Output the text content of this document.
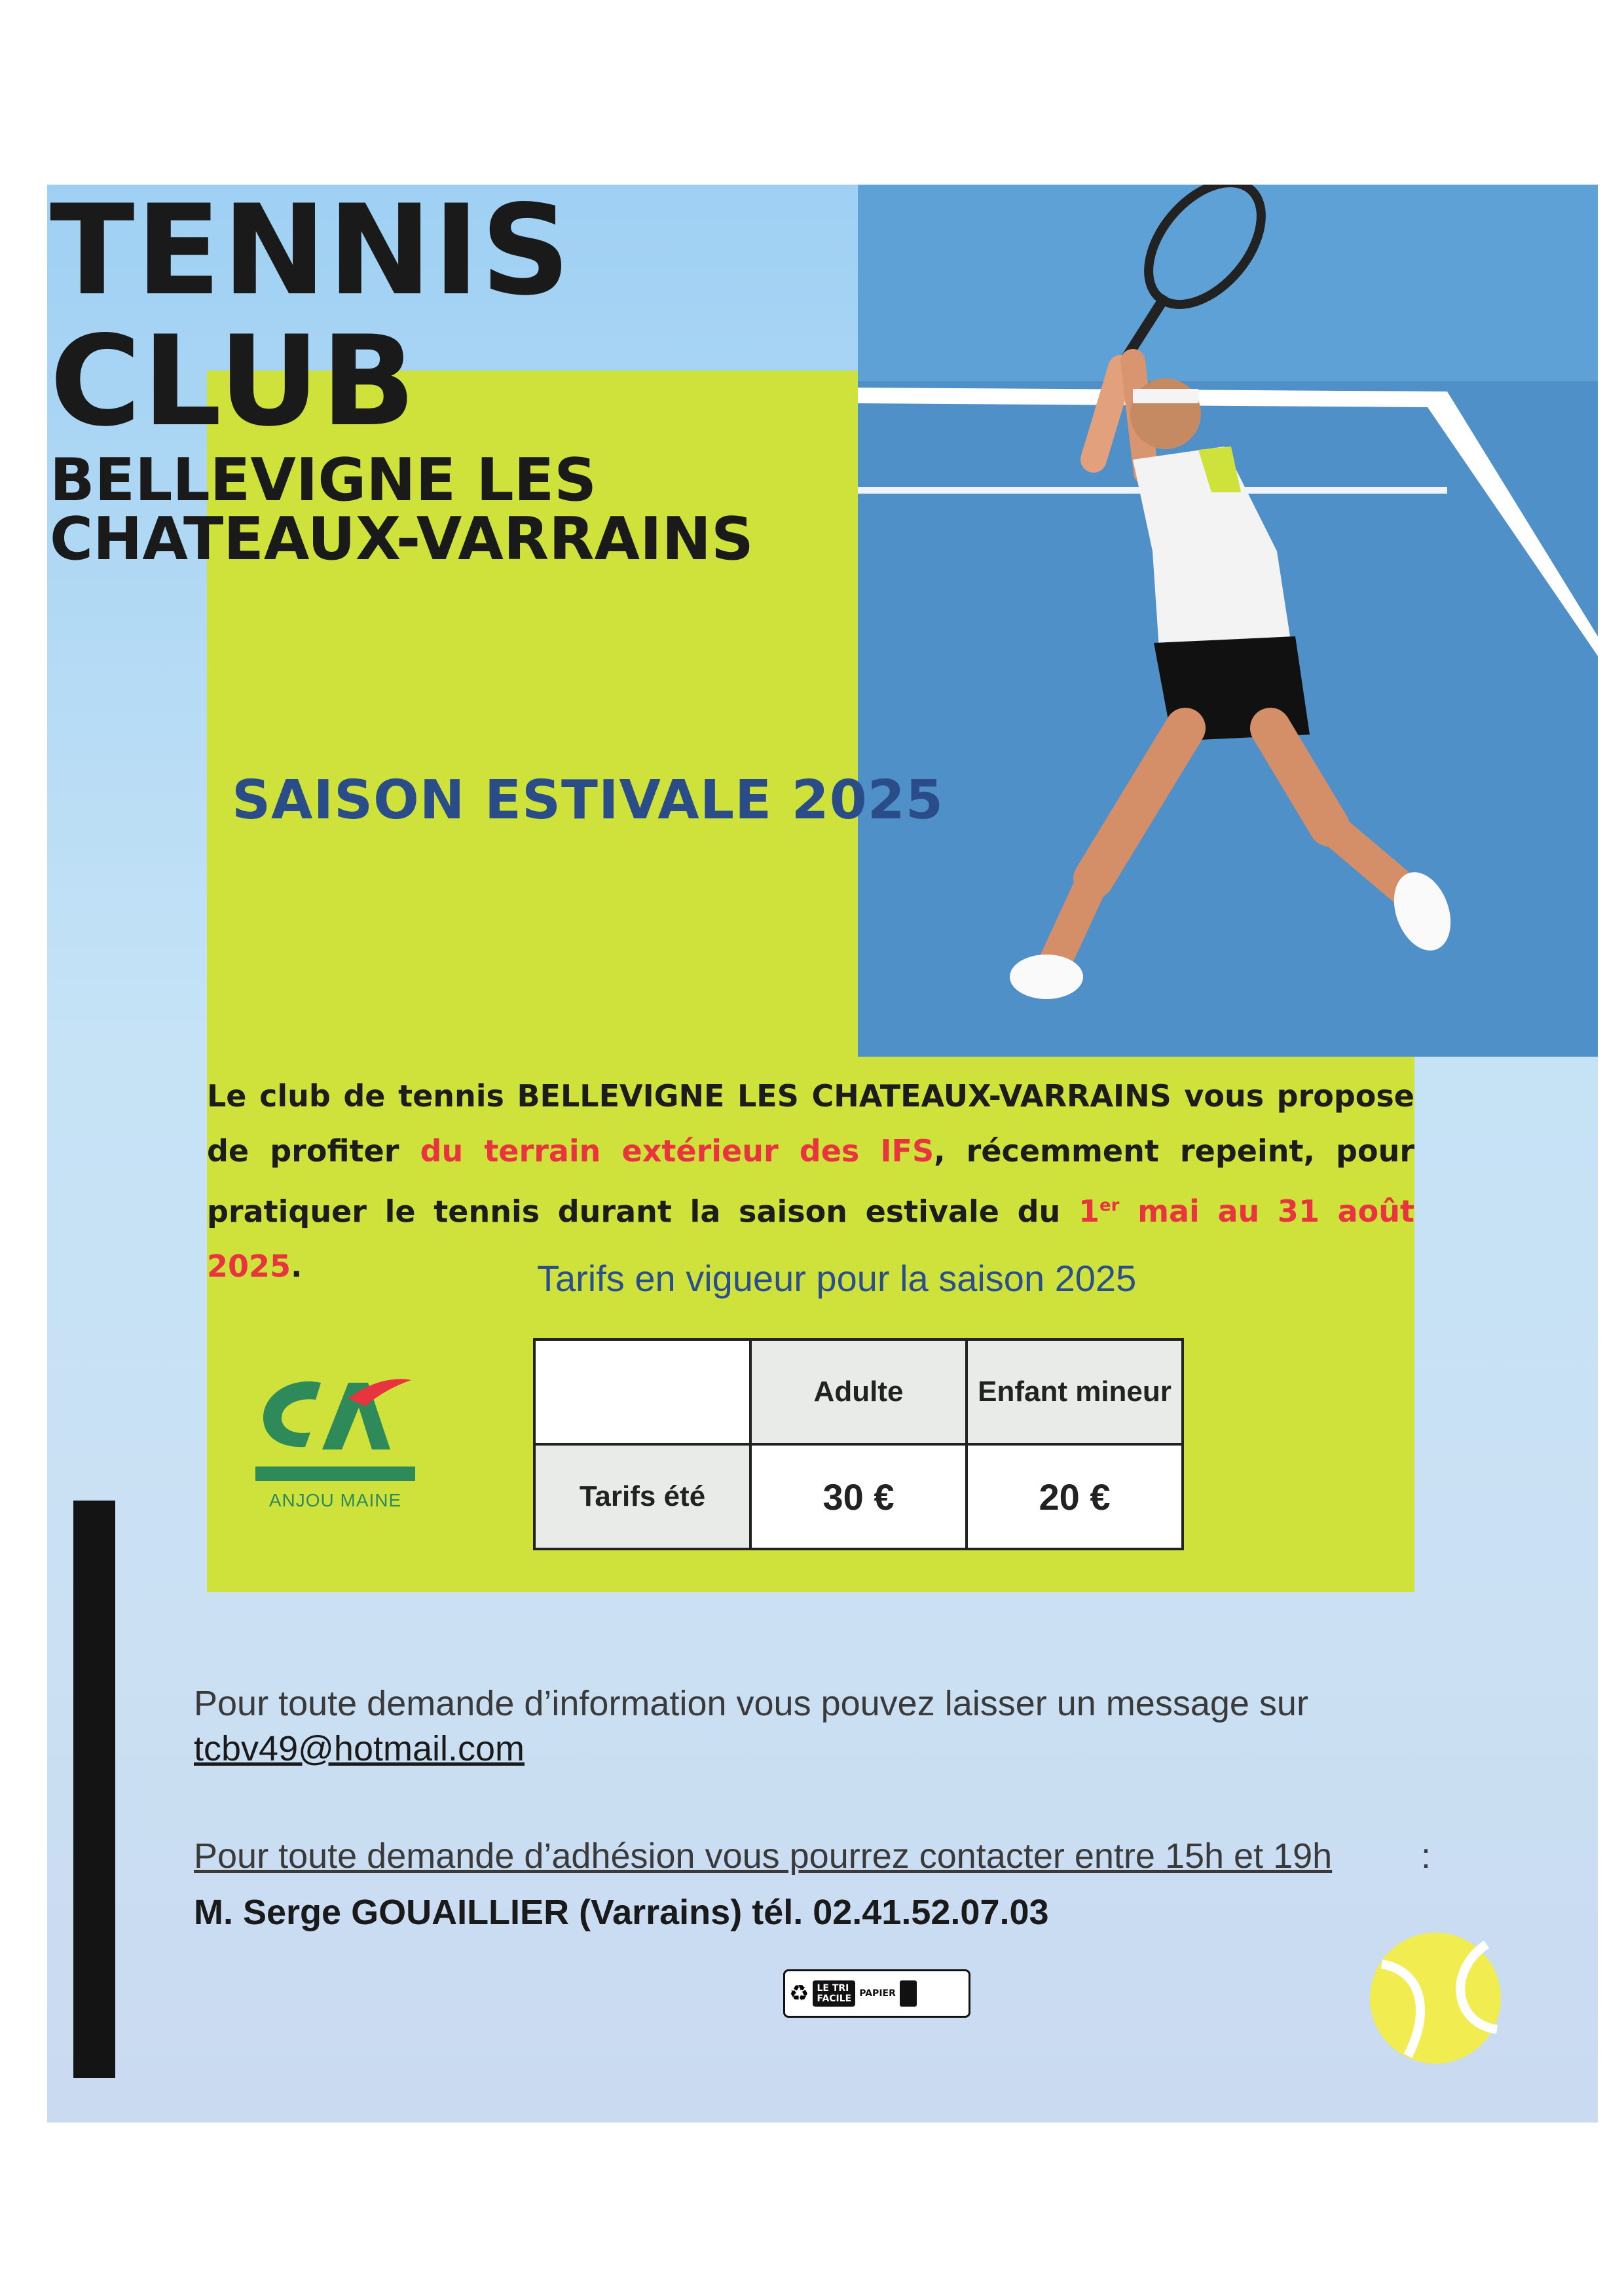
TENNIS
CLUB
BELLEVIGNE LES
CHATEAUX-VARRAINS
SAISON ESTIVALE 2025
Le club de tennis BELLEVIGNE LES CHATEAUX-VARRAINS vous propose de profiter du terrain extérieur des IFS, récemment repeint, pour pratiquer le tennis durant la saison estivale du 1er mai au 31 août 2025.	Tarifs en vigueur pour la saison 2025
ANJOU MAINE
	Adulte	Enfant mineur
Tarifs été	30 €	20 €
Pour toute demande d’information vous pouvez laisser un message sur
tcbv49@hotmail.com
Pour toute demande d’adhésion vous pourrez contacter entre 15h et 19h	:
M. Serge GOUAILLIER (Varrains) tél. 02.41.52.07.03
♻ LE TRI
FACILE PAPIER
